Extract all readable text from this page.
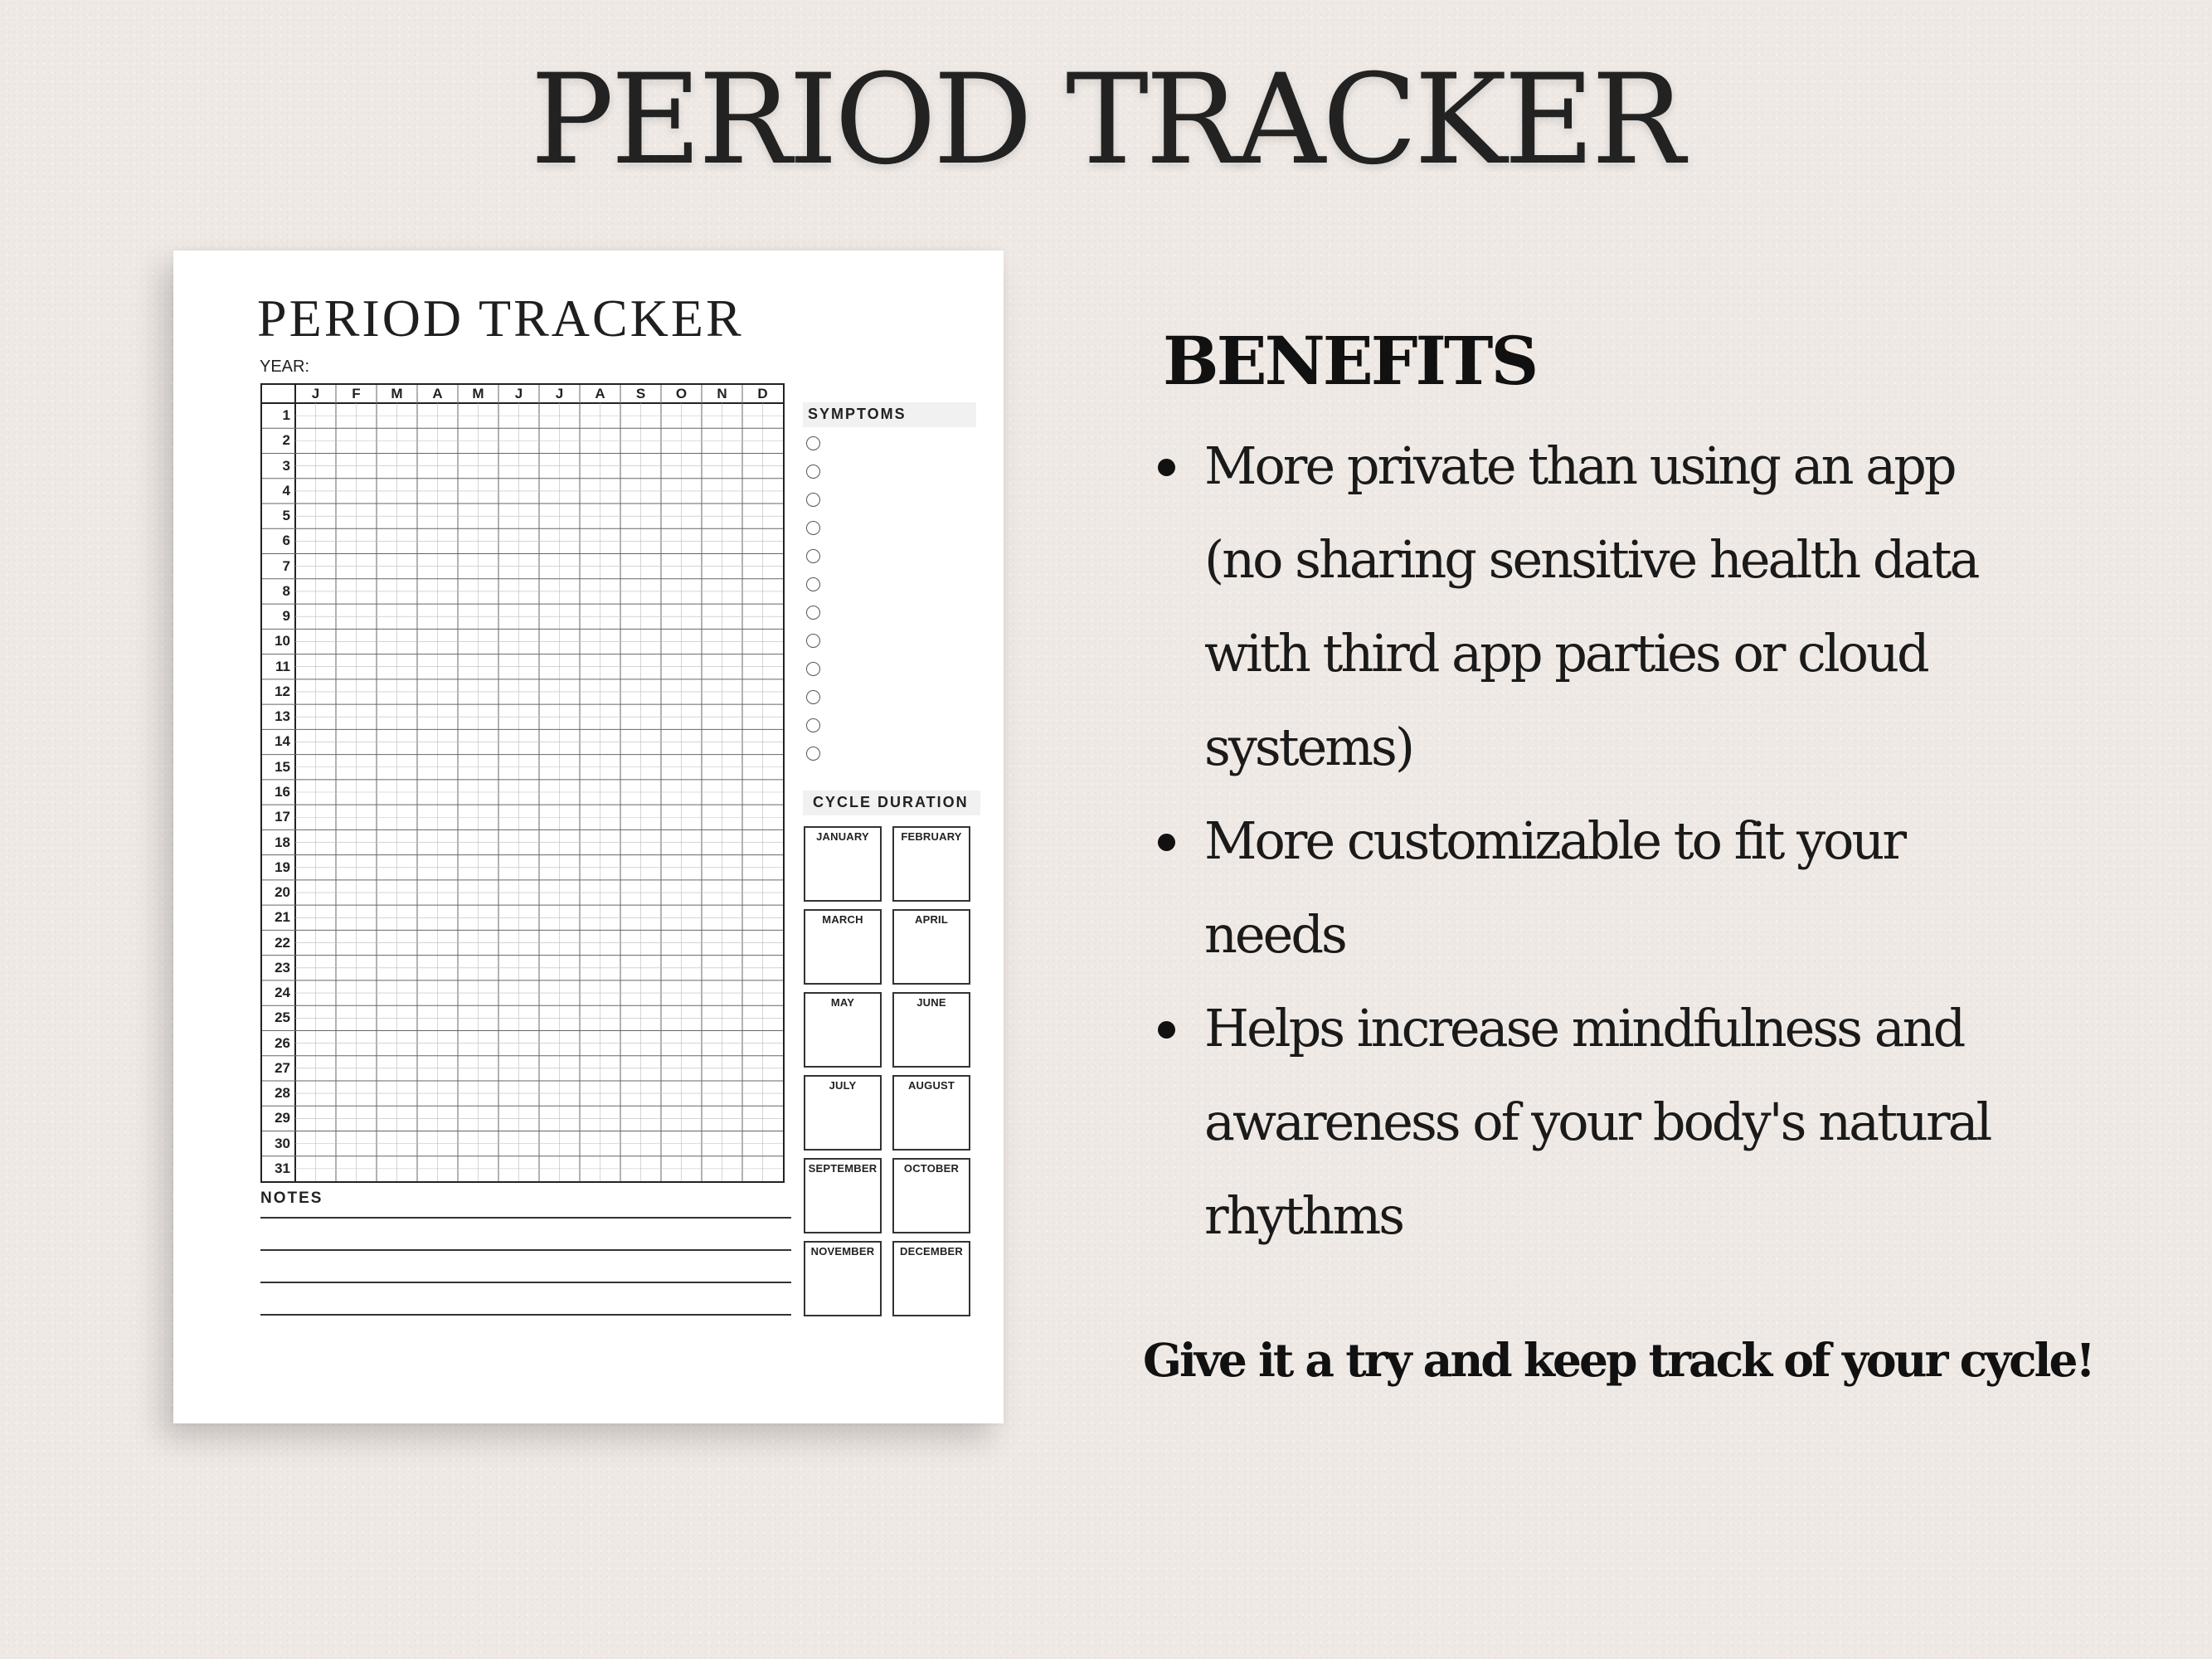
PERIOD TRACKER
PERIOD TRACKER
YEAR:
J	F	M	A	M	J	J	A	S	O	N	D
1
2
3
4
5
6
7
8
9
10
11
12
13
14
15
16
17
18
19
20
21
22
23
24
25
26
27
28
29
30
31
SYMPTOMS
CYCLE DURATION
JANUARY	FEBRUARY
MARCH	APRIL
MAY	JUNE
JULY	AUGUST
SEPTEMBER	OCTOBER
NOVEMBER	DECEMBER
NOTES
BENEFITS
More private than using an app
(no sharing sensitive health data
with third app parties or cloud
systems)
More customizable to fit your
needs
Helps increase mindfulness and
awareness of your body's natural
rhythms
Give it a try and keep track of your cycle!
